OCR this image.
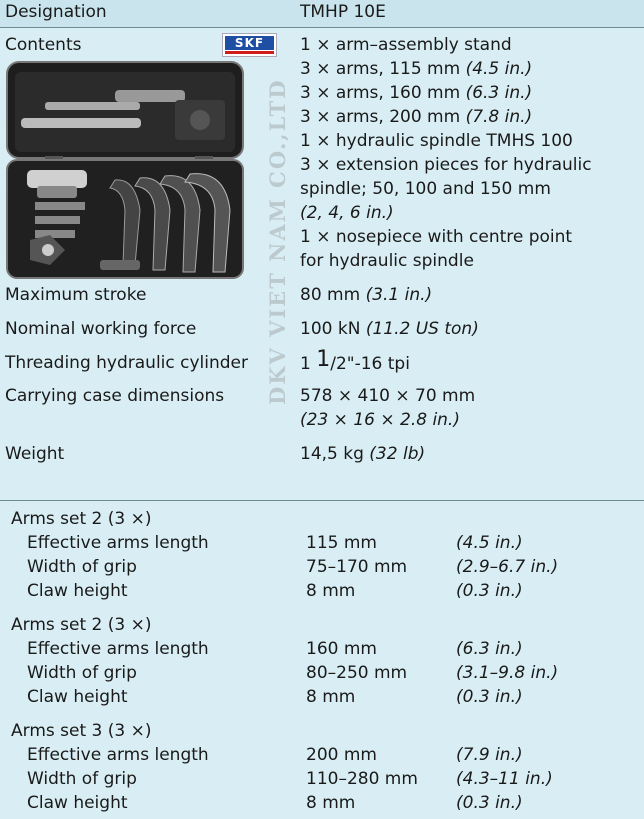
Designation	TMHP 10E
Contents	SKF	1 × arm–assembly stand
3 × arms, 115 mm (4.5 in.)
3 × arms, 160 mm (6.3 in.)
3 × arms, 200 mm (7.8 in.)
1 × hydraulic spindle TMHS 100
3 × extension pieces for hydraulic
spindle; 50, 100 and 150 mm
(2, 4, 6 in.)
1 × nosepiece with centre point
for hydraulic spindle
DKV VIET NAM CO.,LTD
Maximum stroke	80 mm (3.1 in.)
Nominal working force	100 kN (11.2 US ton)
Threading hydraulic cylinder	1 $^1$/2"-16 tpi
Carrying case dimensions	578 × 410 × 70 mm
(23 × 16 × 2.8 in.)
Weight	14,5 kg (32 lb)
Arms set 2 (3 ×)
Effective arms length	115 mm	(4.5 in.)
Width of grip	75–170 mm	(2.9–6.7 in.)
Claw height	8 mm	(0.3 in.)
Arms set 2 (3 ×)
Effective arms length	160 mm	(6.3 in.)
Width of grip	80–250 mm	(3.1–9.8 in.)
Claw height	8 mm	(0.3 in.)
Arms set 3 (3 ×)
Effective arms length	200 mm	(7.9 in.)
Width of grip	110–280 mm (4.3–11 in.)
Claw height	8 mm	(0.3 in.)
